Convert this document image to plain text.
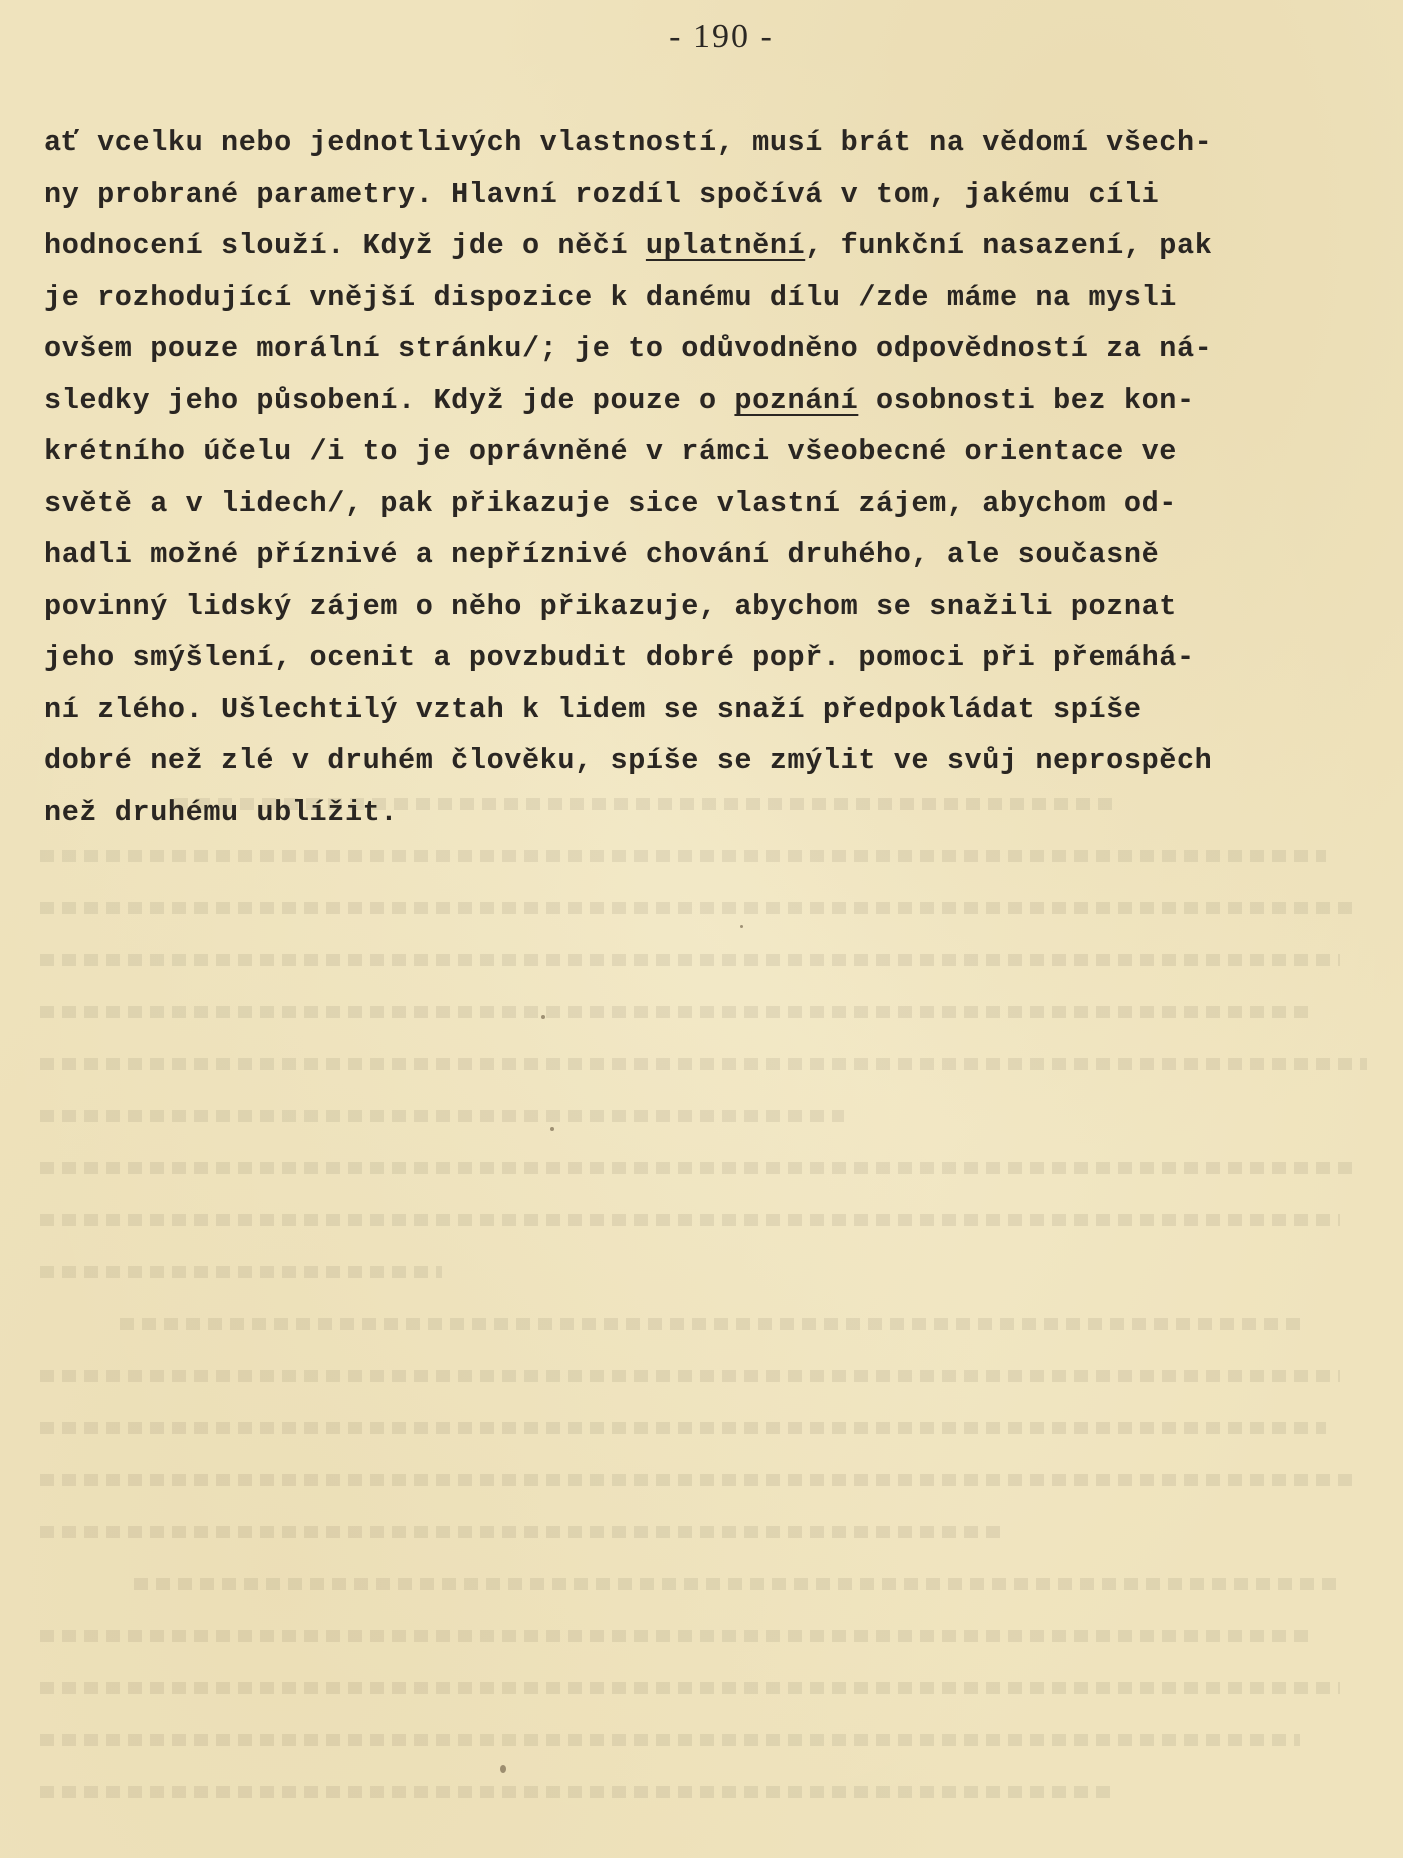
- 190 -
ať vcelku nebo jednotlivých vlastností, musí brát na vědomí všech-
ny probrané parametry. Hlavní rozdíl spočívá v tom, jakému cíli
hodnocení slouží. Když jde o něčí uplatnění, funkční nasazení, pak
je rozhodující vnější dispozice k danému dílu /zde máme na mysli
ovšem pouze morální stránku/; je to odůvodněno odpovědností za ná-
sledky jeho působení. Když jde pouze o poznání osobnosti bez kon-
krétního účelu /i to je oprávněné v rámci všeobecné orientace ve
světě a v lidech/, pak přikazuje sice vlastní zájem, abychom od-
hadli možné příznivé a nepříznivé chování druhého, ale současně
povinný lidský zájem o něho přikazuje, abychom se snažili poznat
jeho smýšlení, ocenit a povzbudit dobré popř. pomoci při přemáhá-
ní zlého. Ušlechtilý vztah k lidem se snaží předpokládat spíše
dobré než zlé v druhém člověku, spíše se zmýlit ve svůj neprospěch
než druhému ublížit.
